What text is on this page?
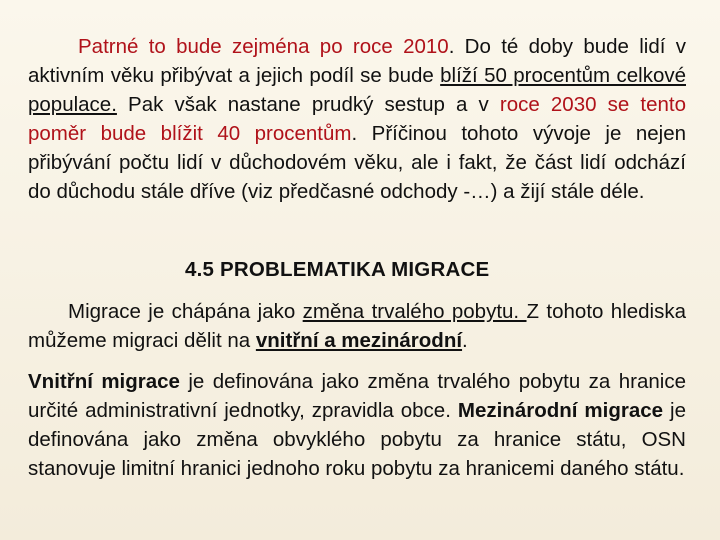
Patrné to bude zejména po roce 2010. Do té doby bude lidí v aktivním věku přibývat a jejich podíl se bude blíží 50 procentům celkové populace. Pak však nastane prudký sestup a v roce 2030 se tento poměr bude blížit 40 procentům. Příčinou tohoto vývoje je nejen přibývání počtu lidí v důchodovém věku, ale i fakt, že část lidí odchází do důchodu stále dříve (viz předčasné odchody -…) a žijí stále déle.
4.5 PROBLEMATIKA MIGRACE
Migrace je chápána jako změna trvalého pobytu. Z tohoto hlediska můžeme migraci dělit na vnitřní a mezinárodní.
Vnitřní migrace je definována jako změna trvalého pobytu za hranice určité administrativní jednotky, zpravidla obce. Mezinárodní migrace je definována jako změna obvyklého pobytu za hranice státu, OSN stanovuje limitní hranici jednoho roku pobytu za hranicemi daného státu.
